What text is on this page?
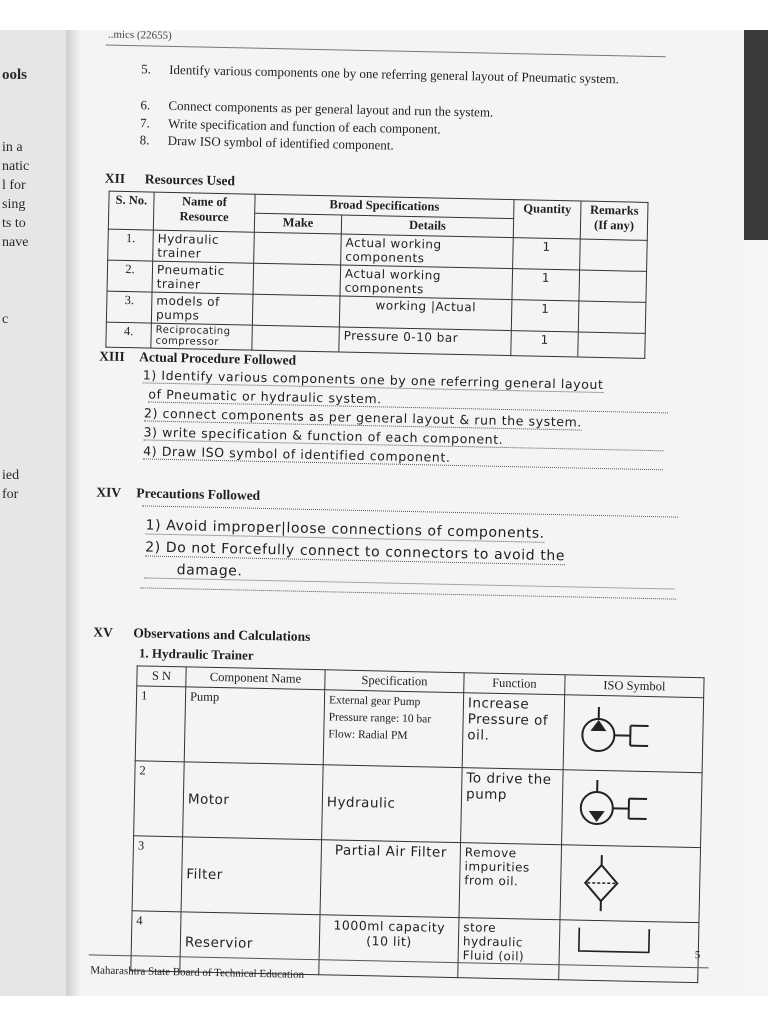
ools
in a
natic
l for
sing
ts to
nave
c
ied
for
..mics (22655)
5.	Identify various components one by one referring general layout of Pneumatic system.
6.	Connect components as per general layout and run the system.
7.	Write specification and function of each component.
8.	Draw ISO symbol of identified component.
XII Resources Used
S. No.	Name of Resource	Broad Specifications		Quantity	Remarks (If any)
		Make	Details		
1.	Hydraulic trainer		Actual working components	1	
2.	Pneumatic trainer		Actual working components	1	
3.	models of pumps		working |Actual	1	
4.	Reciprocating compressor		Pressure 0-10 bar	1	
XIII Actual Procedure Followed
1) Identify various components one by one referring general layout
of Pneumatic or hydraulic system.
2) connect components as per general layout & run the system.
3) write specification & function of each component.
4) Draw ISO symbol of identified component.
XIV Precautions Followed
1) Avoid improper|loose connections of components.
2) Do not Forcefully connect to connectors to avoid the
damage.
XV Observations and Calculations
1. Hydraulic Trainer
S N	Component Name	Specification	Function	ISO Symbol
1	Pump	External gear Pump
Pressure range: 10 bar
Flow: Radial PM	Increase Pressure of oil.	

2	Motor	Hydraulic	To drive the pump	

3	Filter	Partial Air Filter	Remove impurities from oil.	

4	Reservior	1000ml capacity (10 lit)	store hydraulic Fluid (oil)		5
Maharashtra State Board of Technical Education
